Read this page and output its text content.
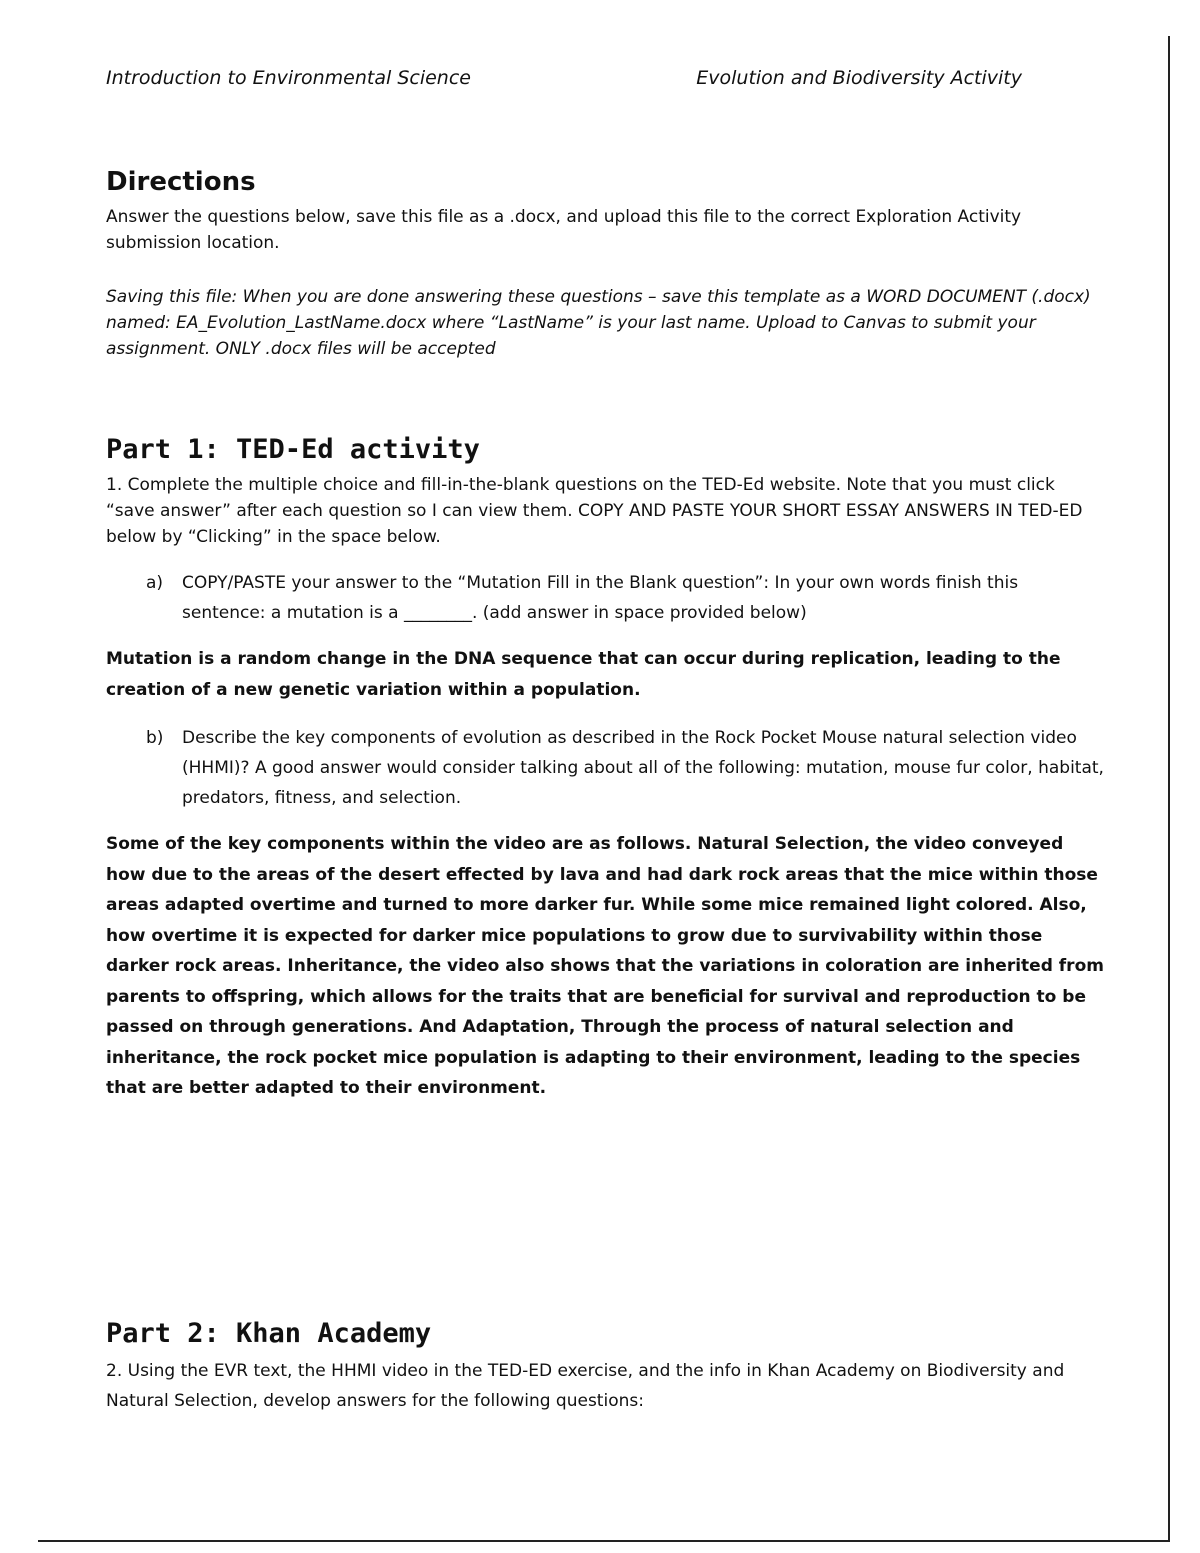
Introduction to Environmental Science	Evolution and Biodiversity Activity
Directions

Answer the questions below, save this file as a .docx, and upload this file to the correct Exploration Activity submission location.

Saving this file: When you are done answering these questions – save this template as a WORD DOCUMENT (.docx) named: EA_Evolution_LastName.docx where “LastName” is your last name. Upload to Canvas to submit your assignment. ONLY .docx files will be accepted

Part 1: TED-Ed activity

1. Complete the multiple choice and fill-in-the-blank questions on the TED-Ed website. Note that you must click “save answer” after each question so I can view them. COPY AND PASTE YOUR SHORT ESSAY ANSWERS IN TED-ED below by “Clicking” in the space below.

a)	COPY/PASTE your answer to the “Mutation Fill in the Blank question”: In your own words finish this sentence: a mutation is a ________. (add answer in space provided below)

Mutation is a random change in the DNA sequence that can occur during replication, leading to the creation of a new genetic variation within a population.

b)	Describe the key components of evolution as described in the Rock Pocket Mouse natural selection video (HHMI)? A good answer would consider talking about all of the following: mutation, mouse fur color, habitat, predators, fitness, and selection.

Some of the key components within the video are as follows. Natural Selection, the video conveyed how due to the areas of the desert effected by lava and had dark rock areas that the mice within those areas adapted overtime and turned to more darker fur. While some mice remained light colored. Also, how overtime it is expected for darker mice populations to grow due to survivability within those darker rock areas. Inheritance, the video also shows that the variations in coloration are inherited from parents to offspring, which allows for the traits that are beneficial for survival and reproduction to be passed on through generations. And Adaptation, Through the process of natural selection and inheritance, the rock pocket mice population is adapting to their environment, leading to the species that are better adapted to their environment.

Part 2: Khan Academy

2. Using the EVR text, the HHMI video in the TED-ED exercise, and the info in Khan Academy on Biodiversity and Natural Selection, develop answers for the following questions:
